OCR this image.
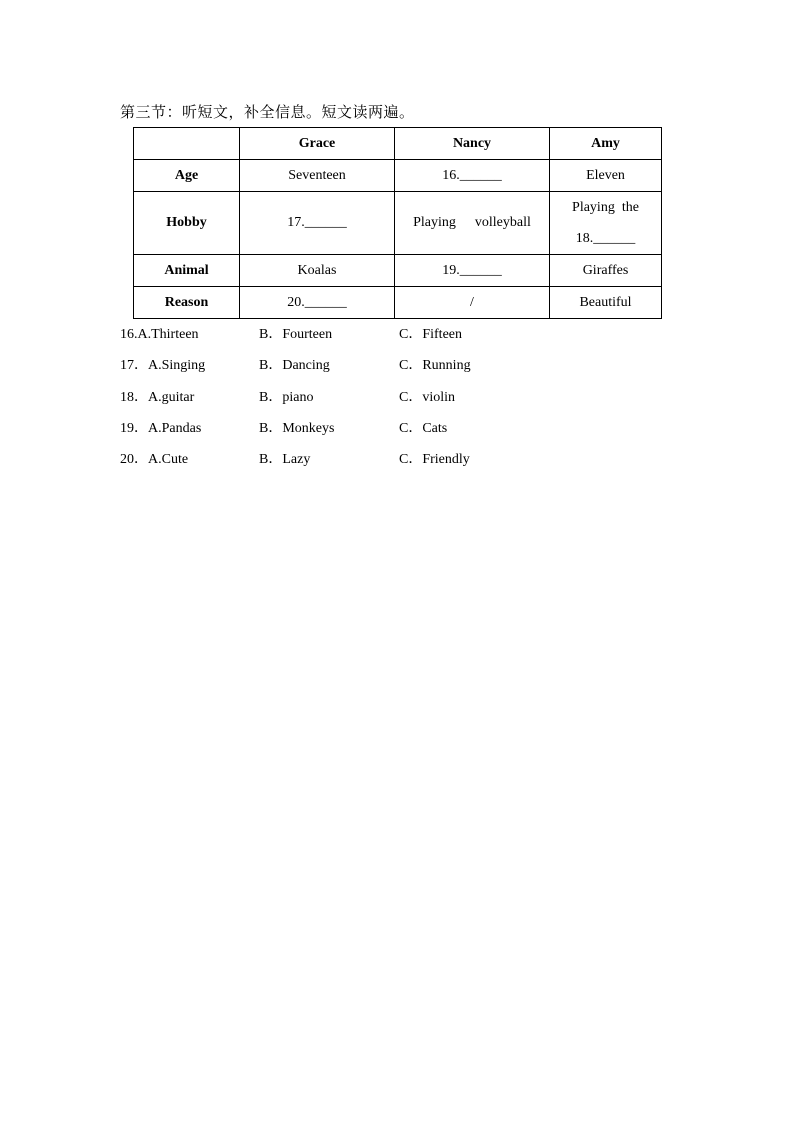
第三节：听短文，补全信息。短文读两遍。
	Grace	Nancy	Amy
Age	Seventeen	16.______	Eleven
Hobby	17.______	Playing  volleyball	Playing  the
18.______
Animal	Koalas	19.______	Giraffes
Reason	20.______	/	Beautiful
16.A.Thirteen	B．Fourteen	C．Fifteen
17．A.Singing	B．Dancing	C．Running
18．A.guitar	B．piano	C．violin
19．A.Pandas	B．Monkeys	C．Cats
20．A.Cute	B．Lazy	C．Friendly
